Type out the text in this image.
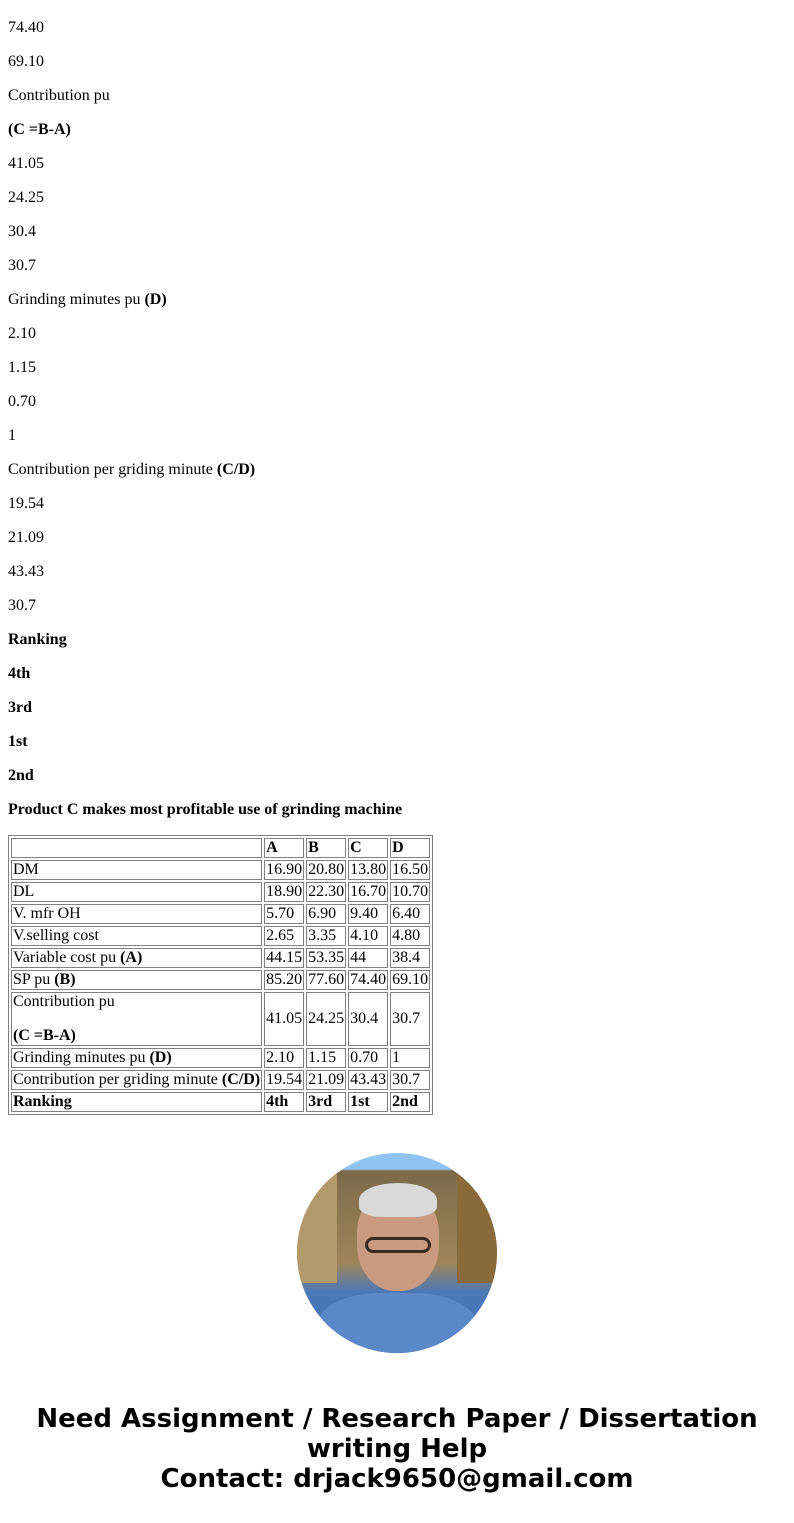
74.40
69.10
Contribution pu
(C =B-A)
41.05
24.25
30.4
30.7
Grinding minutes pu (D)
2.10
1.15
0.70
1
Contribution per griding minute (C/D)
19.54
21.09
43.43
30.7
Ranking
4th
3rd
1st
2nd
Product C makes most profitable use of grinding machine
	A	B	C	D
DM	16.90	20.80	13.80	16.50
DL	18.90	22.30	16.70	10.70
V. mfr OH	5.70	6.90	9.40	6.40
V.selling cost	2.65	3.35	4.10	4.80
Variable cost pu (A)	44.15	53.35	44	38.4
SP pu (B)	85.20	77.60	74.40	69.10
Contribution pu
(C =B-A)	41.05	24.25	30.4	30.7
Grinding minutes pu (D)	2.10	1.15	0.70	1
Contribution per griding minute (C/D)	19.54	21.09	43.43	30.7
Ranking	4th	3rd	1st	2nd
Need Assignment / Research Paper / Dissertation
writing Help
Contact: drjack9650@gmail.com
